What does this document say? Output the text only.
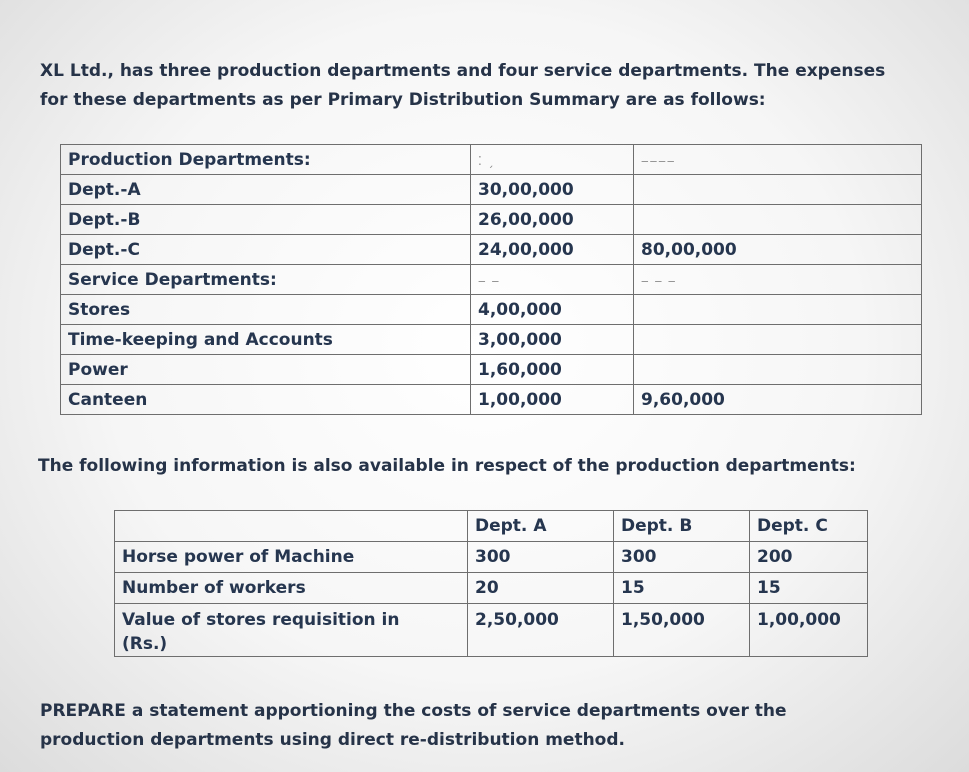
XL Ltd., has three production departments and four service departments. The expenses
for these departments as per Primary Distribution Summary are as follows:

Production Departments:	⁚ ˏ	‒‒‒‒
Dept.-A	30,00,000	
Dept.-B	26,00,000	
Dept.-C	24,00,000	80,00,000
Service Departments:	‒ ‒	‒ ‒ ‒
Stores	4,00,000	
Time-keeping and Accounts	3,00,000	
Power	1,60,000	
Canteen	1,00,000	9,60,000

The following information is also available in respect of the production departments:

	Dept. A	Dept. B	Dept. C
Horse power of Machine	300	300	200
Number of workers	20	15	15
Value of stores requisition in
(Rs.)	2,50,000	1,50,000	1,00,000

PREPARE a statement apportioning the costs of service departments over the
production departments using direct re-distribution method.
